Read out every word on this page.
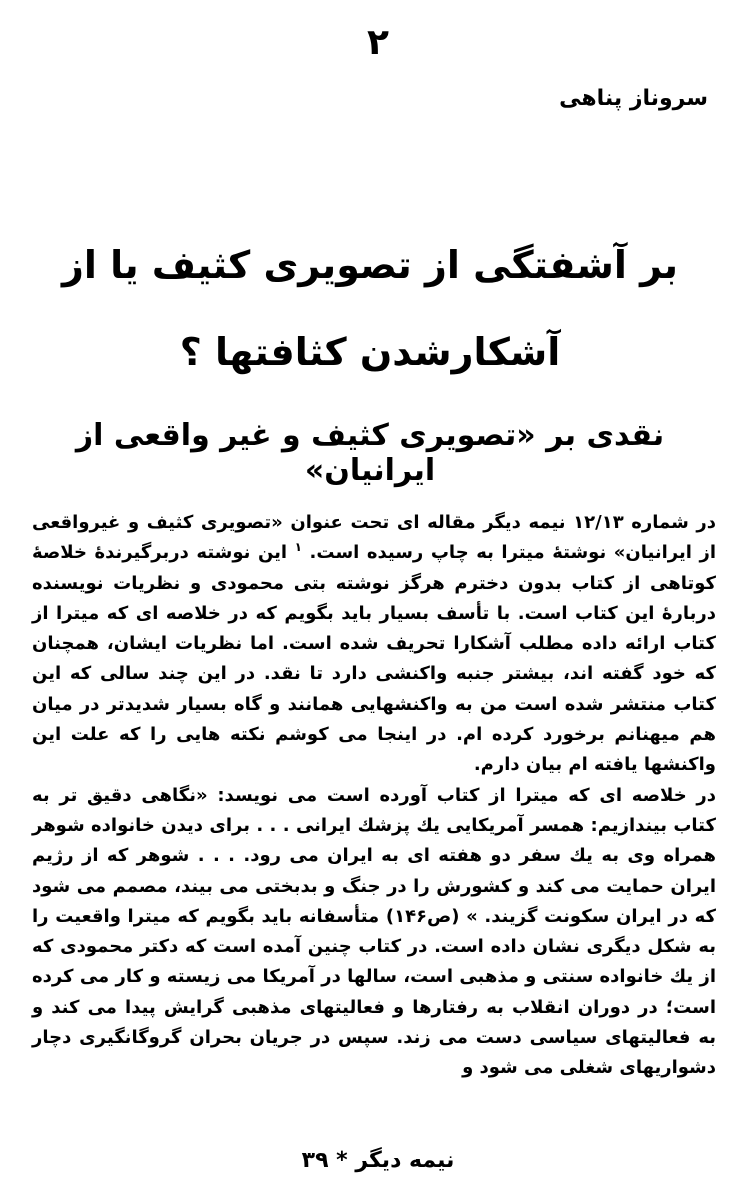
۲
سروناز پناهی
بر آشفتگی از تصویری کثیف یا از آشکارشدن کثافتها ؟
نقدی بر «تصویری کثیف و غیر واقعی از ایرانیان»

در شماره ۱۲/۱۳ نیمه دیگر مقاله ای تحت عنوان «تصویری کثیف و غیرواقعی از ایرانیان» نوشتهٔ میترا به چاپ رسیده است. $^۱$ این نوشته دربرگیرندهٔ خلاصهٔ کوتاهی از کتاب بدون دخترم هرگز نوشته بتی محمودی و نظریات نویسنده دربارهٔ این کتاب است. با تأسف بسیار باید بگویم که در خلاصه ای که میترا از کتاب ارائه داده مطلب آشکارا تحریف شده است. اما نظریات ایشان، همچنان که خود گفته اند، بیشتر جنبه واکنشی دارد تا نقد. در این چند سالی که این کتاب منتشر شده است من به واکنشهایی همانند و گاه بسیار شدیدتر در میان هم میهنانم برخورد کرده ام. در اینجا می کوشم نکته هایی را که علت این واکنشها یافته ام بیان دارم.

در خلاصه ای که میترا از کتاب آورده است می نویسد: «نگاهی دقیق تر به کتاب بیندازیم: همسر آمریکایی یك پزشك ایرانی . . . برای دیدن خانواده شوهر همراه وی به یك سفر دو هفته ای به ایران می رود. . . . شوهر که از رژیم ایران حمایت می کند و کشورش را در جنگ و بدبختی می بیند، مصمم می شود که در ایران سکونت گزیند. » (ص۱۴۶) متأسفانه باید بگویم که میترا واقعیت را به شکل دیگری نشان داده است. در کتاب چنین آمده است که دکتر محمودی که از یك خانواده سنتی و مذهبی است، سالها در آمریکا می زیسته و کار می کرده است؛ در دوران انقلاب به رفتارها و فعالیتهای مذهبی گرایش پیدا می کند و به فعالیتهای سیاسی دست می زند. سپس در جریان بحران گروگانگیری دچار دشواریهای شغلی می شود و

نیمه دیگر * ۳۹
